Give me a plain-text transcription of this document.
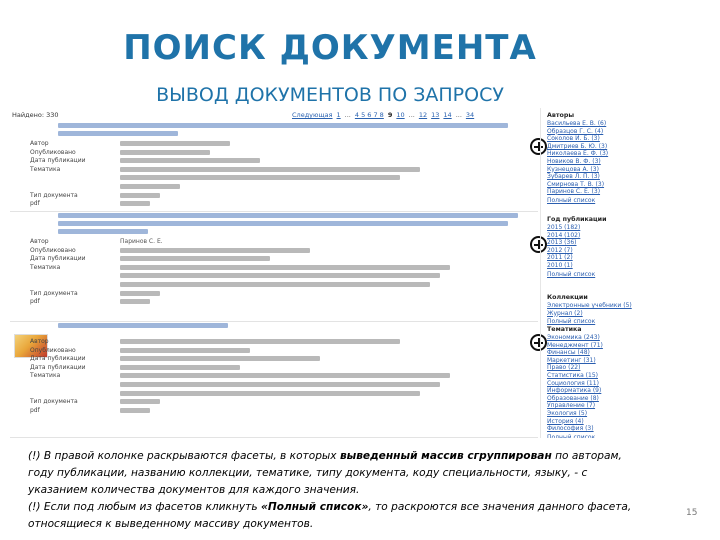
ПОИСК ДОКУМЕНТА
ВЫВОД ДОКУМЕНТОВ ПО ЗАПРОСУ
Найдено: 330	Следующая 1 ... 4 5 6 7 8 9 10 ... 12 13 14 ... 34

Автор
Опубликовано
Дата публикации
Тематика
Тип документа
pdf

Автор	Паринов С. Е.
Опубликовано
Дата публикации
Тематика
Тип документа
pdf
Автор
Опубликовано
Дата публикации
Дата публикации
Тематика
Тип документа
pdf
Авторы
Васильева Е. В. (6)
Образцов Г. С. (4)
Соколов И. Б. (3)
Дмитриев Б. Ю. (3)
Николаева Е. Ф. (3)
Новиков В. Ф. (3)
Кузнецова А. (3)
Зубарев Л. П. (3)
Смирнова Т. В. (3)
Паринов С. Е. (3)
Полный список
Год публикации
2015 (182)
2014 (102)
2013 (36)
2012 (7)
2011 (2)
2010 (1)
Полный список
Коллекции
Электронные учебники (5)
Журнал (2)
Полный список
Тематика
Экономика (243)
Менеджмент (71)
Финансы (48)
Маркетинг (31)
Право (22)
Статистика (15)
Социология (11)
Информатика (9)
Образование (8)
Управление (7)
Экология (5)
История (4)
Философия (3)
Полный список
(!) В правой колонке раскрываются фасеты, в которых выведенный массив сгруппирован по авторам,
году публикации, названию коллекции, тематике, типу документа, коду специальности, языку, - с
указанием количества документов для каждого значения.
(!) Если под любым из фасетов кликнуть «Полный список», то раскроются все значения данного фасета,
относящиеся к выведенному массиву документов.
15
